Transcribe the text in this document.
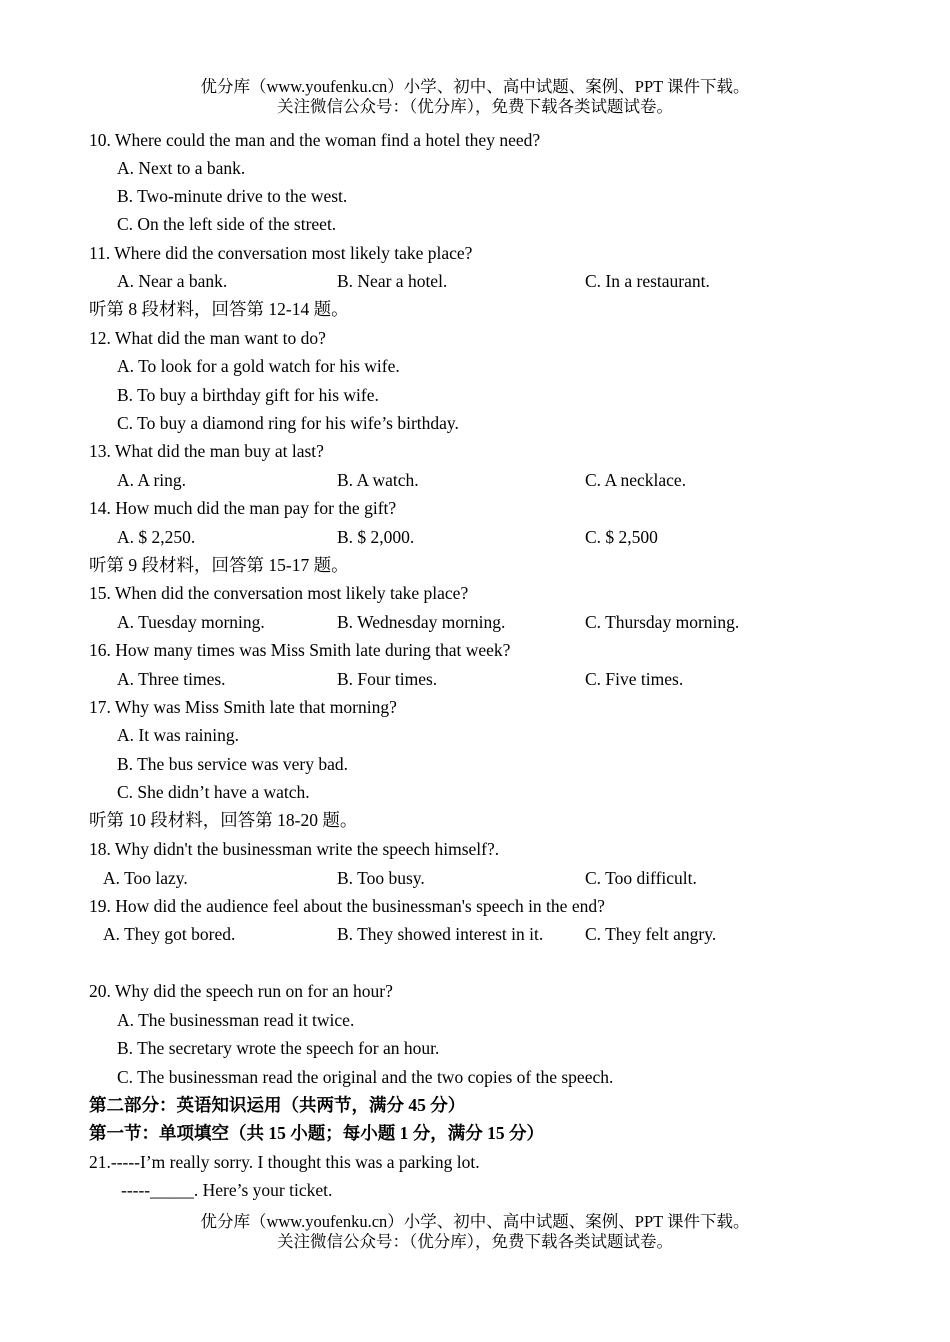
优分库（www.youfenku.cn）小学、初中、高中试题、案例、PPT 课件下载。
关注微信公众号：（优分库），免费下载各类试题试卷。
10. Where could the man and the woman find a hotel they need?
A. Next to a bank.
B. Two-minute drive to the west.
C. On the left side of the street.
11. Where did the conversation most likely take place?
A. Near a bank.	B. Near a hotel.	C. In a restaurant.
听第 8 段材料，回答第 12-14 题。
12. What did the man want to do?
A. To look for a gold watch for his wife.
B. To buy a birthday gift for his wife.
C. To buy a diamond ring for his wife’s birthday.
13. What did the man buy at last?
A. A ring.	B. A watch.	C. A necklace.
14. How much did the man pay for the gift?
A. $ 2,250.	B. $ 2,000.	C. $ 2,500
听第 9 段材料，回答第 15-17 题。
15. When did the conversation most likely take place?
A. Tuesday morning.	B. Wednesday morning.	C. Thursday morning.
16. How many times was Miss Smith late during that week?
A. Three times.	B. Four times.	C. Five times.
17. Why was Miss Smith late that morning?
A. It was raining.
B. The bus service was very bad.
C. She didn’t have a watch.
听第 10 段材料，回答第 18-20 题。
18. Why didn't the businessman write the speech himself?.
A. Too lazy.	B. Too busy.	C. Too difficult.
19. How did the audience feel about the businessman's speech in the end?
A. They got bored.	B. They showed interest in it. C. They felt angry.
20. Why did the speech run on for an hour?
A. The businessman read it twice.
B. The secretary wrote the speech for an hour.
C. The businessman read the original and the two copies of the speech.
第二部分：英语知识运用（共两节，满分 45 分）
第一节：单项填空（共 15 小题；每小题 1 分，满分 15 分）
21.-----I’m really sorry. I thought this was a parking lot.
-----_____. Here’s your ticket.
优分库（www.youfenku.cn）小学、初中、高中试题、案例、PPT 课件下载。
关注微信公众号：（优分库），免费下载各类试题试卷。
